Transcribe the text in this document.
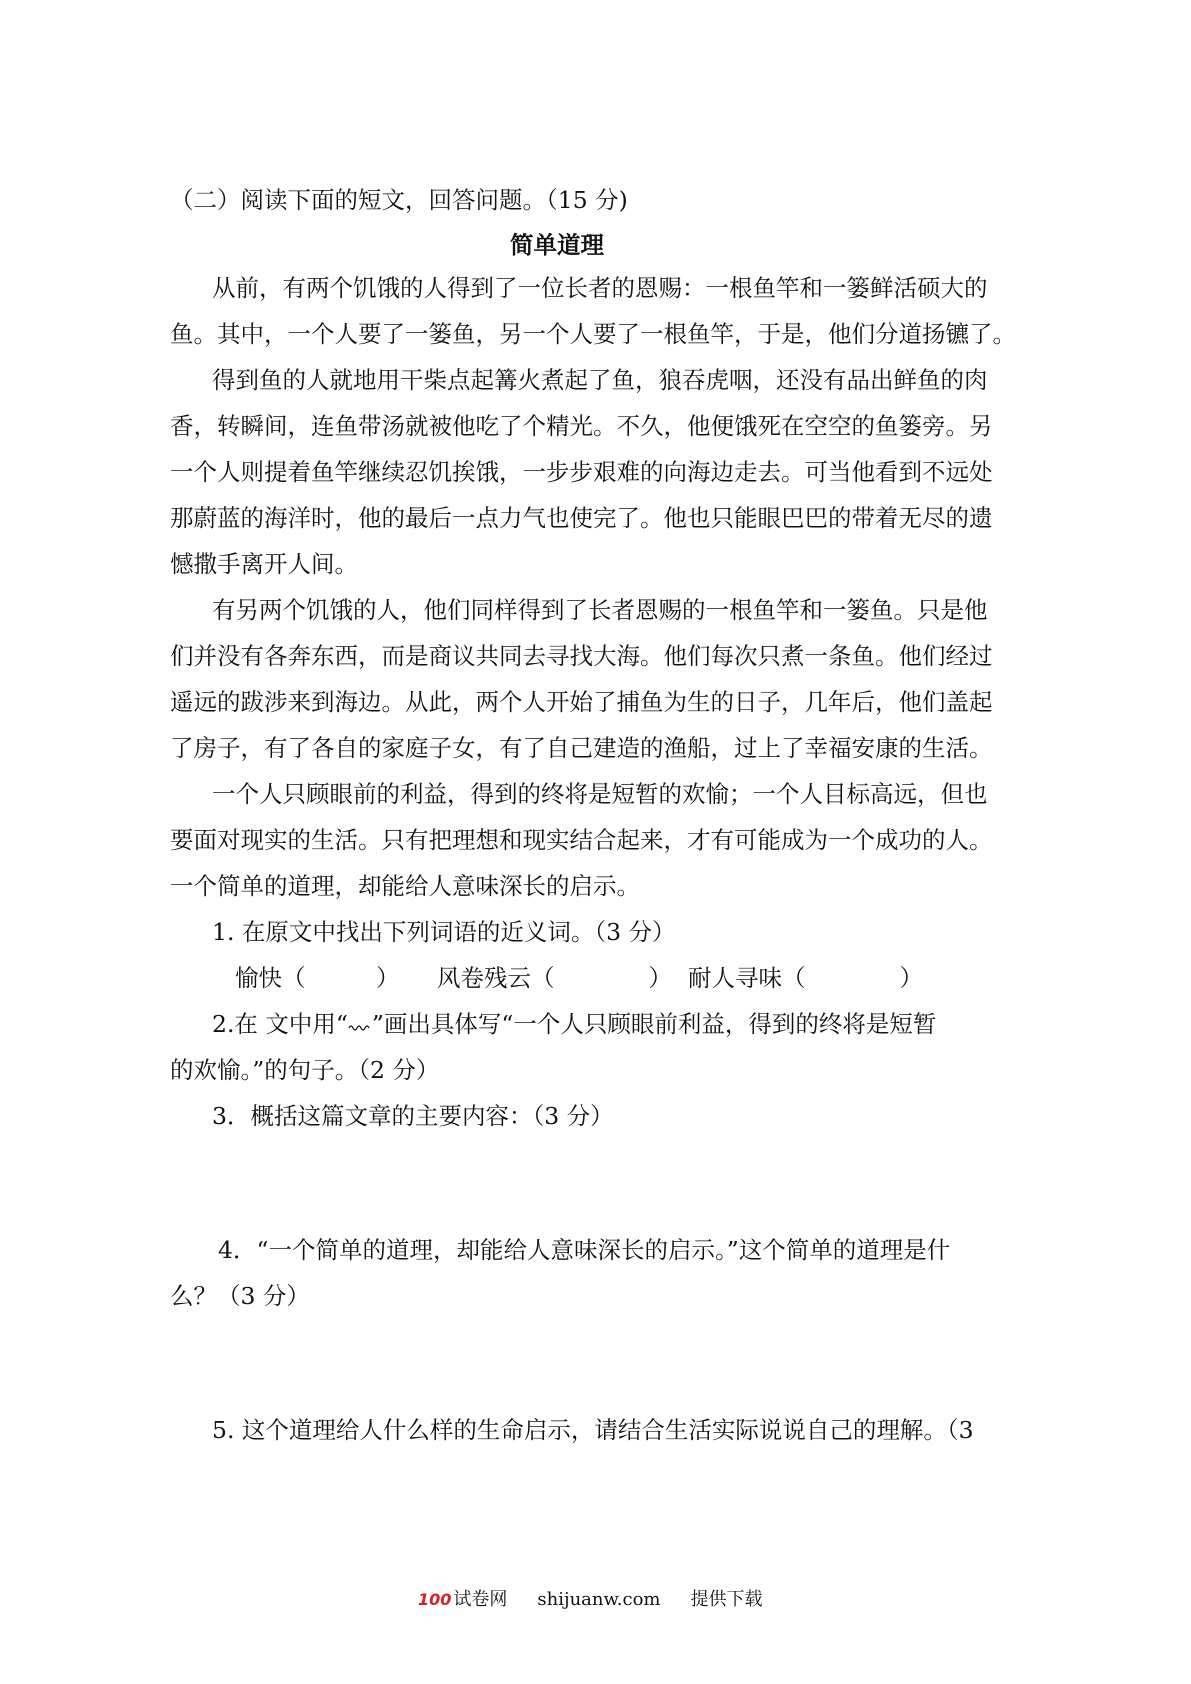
（二）阅读下面的短文，回答问题。（15 分)
简单道理
从前，有两个饥饿的人得到了一位长者的恩赐：一根鱼竿和一篓鲜活硕大的
鱼。其中，一个人要了一篓鱼，另一个人要了一根鱼竿，于是，他们分道扬镳了。
得到鱼的人就地用干柴点起篝火煮起了鱼，狼吞虎咽，还没有品出鲜鱼的肉
香，转瞬间，连鱼带汤就被他吃了个精光。不久，他便饿死在空空的鱼篓旁。另
一个人则提着鱼竿继续忍饥挨饿，一步步艰难的向海边走去。可当他看到不远处
那蔚蓝的海洋时，他的最后一点力气也使完了。他也只能眼巴巴的带着无尽的遗
憾撒手离开人间。
有另两个饥饿的人，他们同样得到了长者恩赐的一根鱼竿和一篓鱼。只是他
们并没有各奔东西，而是商议共同去寻找大海。他们每次只煮一条鱼。他们经过
遥远的跋涉来到海边。从此，两个人开始了捕鱼为生的日子，几年后，他们盖起
了房子，有了各自的家庭子女，有了自己建造的渔船，过上了幸福安康的生活。
一个人只顾眼前的利益，得到的终将是短暂的欢愉；一个人目标高远，但也
要面对现实的生活。只有把理想和现实结合起来，才有可能成为一个成功的人。
一个简单的道理，却能给人意味深长的启示。
1. 在原文中找出下列词语的近义词。（3 分）
愉快（　　　） 风卷残云（　　　　） 耐人寻味（　　　　）
2.在 文中用“ ”画出具体写“一个人只顾眼前利益，得到的终将是短暂
的欢愉。”的句子。（2 分）
3．概括这篇文章的主要内容：（3 分）
4．“一个简单的道理，却能给人意味深长的启示。”这个简单的道理是什
么？（3 分）
5. 这个道理给人什么样的生命启示，请结合生活实际说说自己的理解。（3
100 试卷网 shijuanw.com 提供下载
